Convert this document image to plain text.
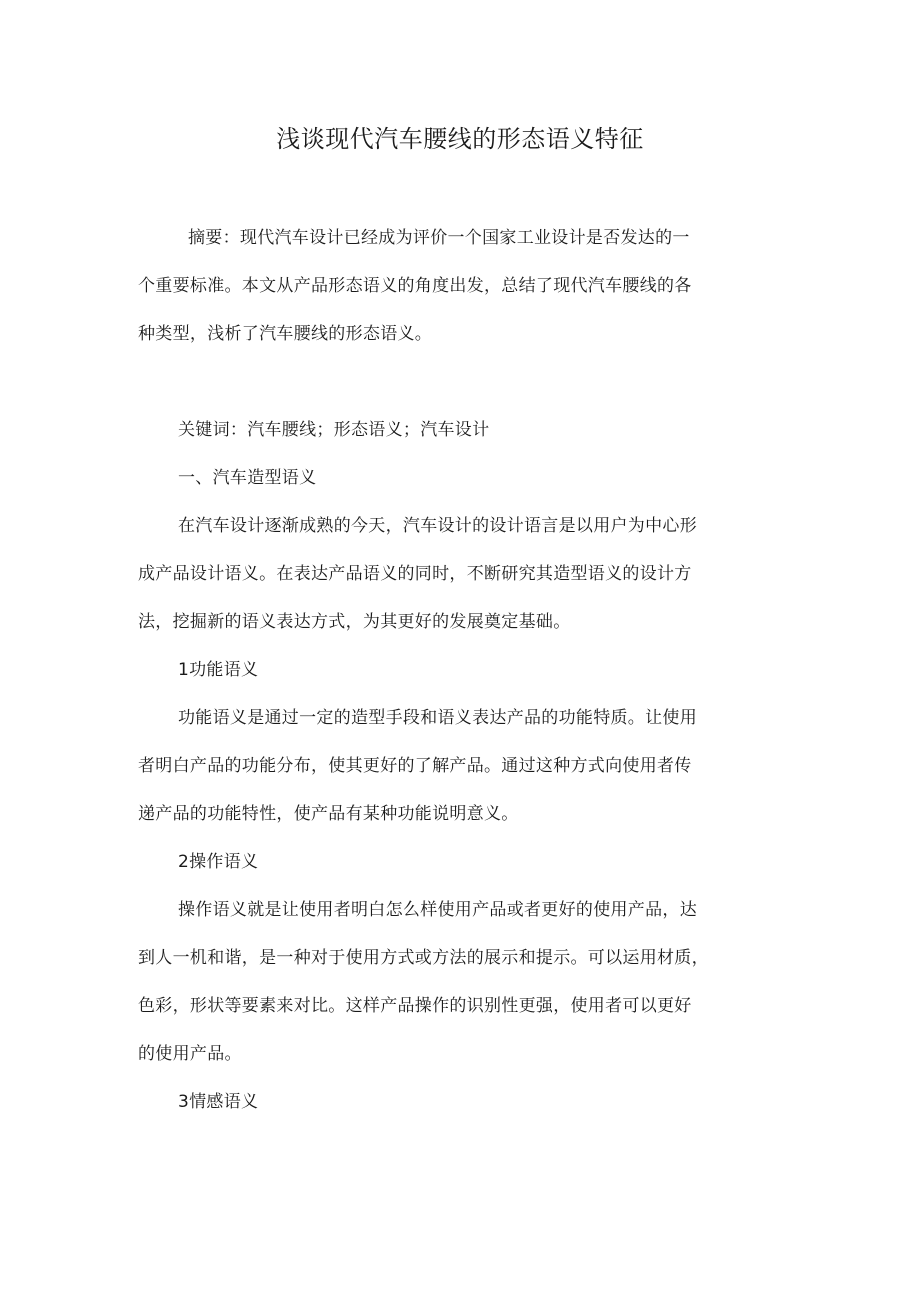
浅谈现代汽车腰线的形态语义特征
摘要：现代汽车设计已经成为评价一个国家工业设计是否发达的一
个重要标准。本文从产品形态语义的角度出发，总结了现代汽车腰线的各
种类型，浅析了汽车腰线的形态语义。
关键词：汽车腰线；形态语义；汽车设计
一、汽车造型语义
在汽车设计逐渐成熟的今天，汽车设计的设计语言是以用户为中心形
成产品设计语义。在表达产品语义的同时，不断研究其造型语义的设计方
法，挖掘新的语义表达方式，为其更好的发展奠定基础。
1功能语义
功能语义是通过一定的造型手段和语义表达产品的功能特质。让使用
者明白产品的功能分布，使其更好的了解产品。通过这种方式向使用者传
递产品的功能特性，使产品有某种功能说明意义。
2操作语义
操作语义就是让使用者明白怎么样使用产品或者更好的使用产品，达
到人一机和谐，是一种对于使用方式或方法的展示和提示。可以运用材质，
色彩，形状等要素来对比。这样产品操作的识别性更强，使用者可以更好
的使用产品。
3情感语义
